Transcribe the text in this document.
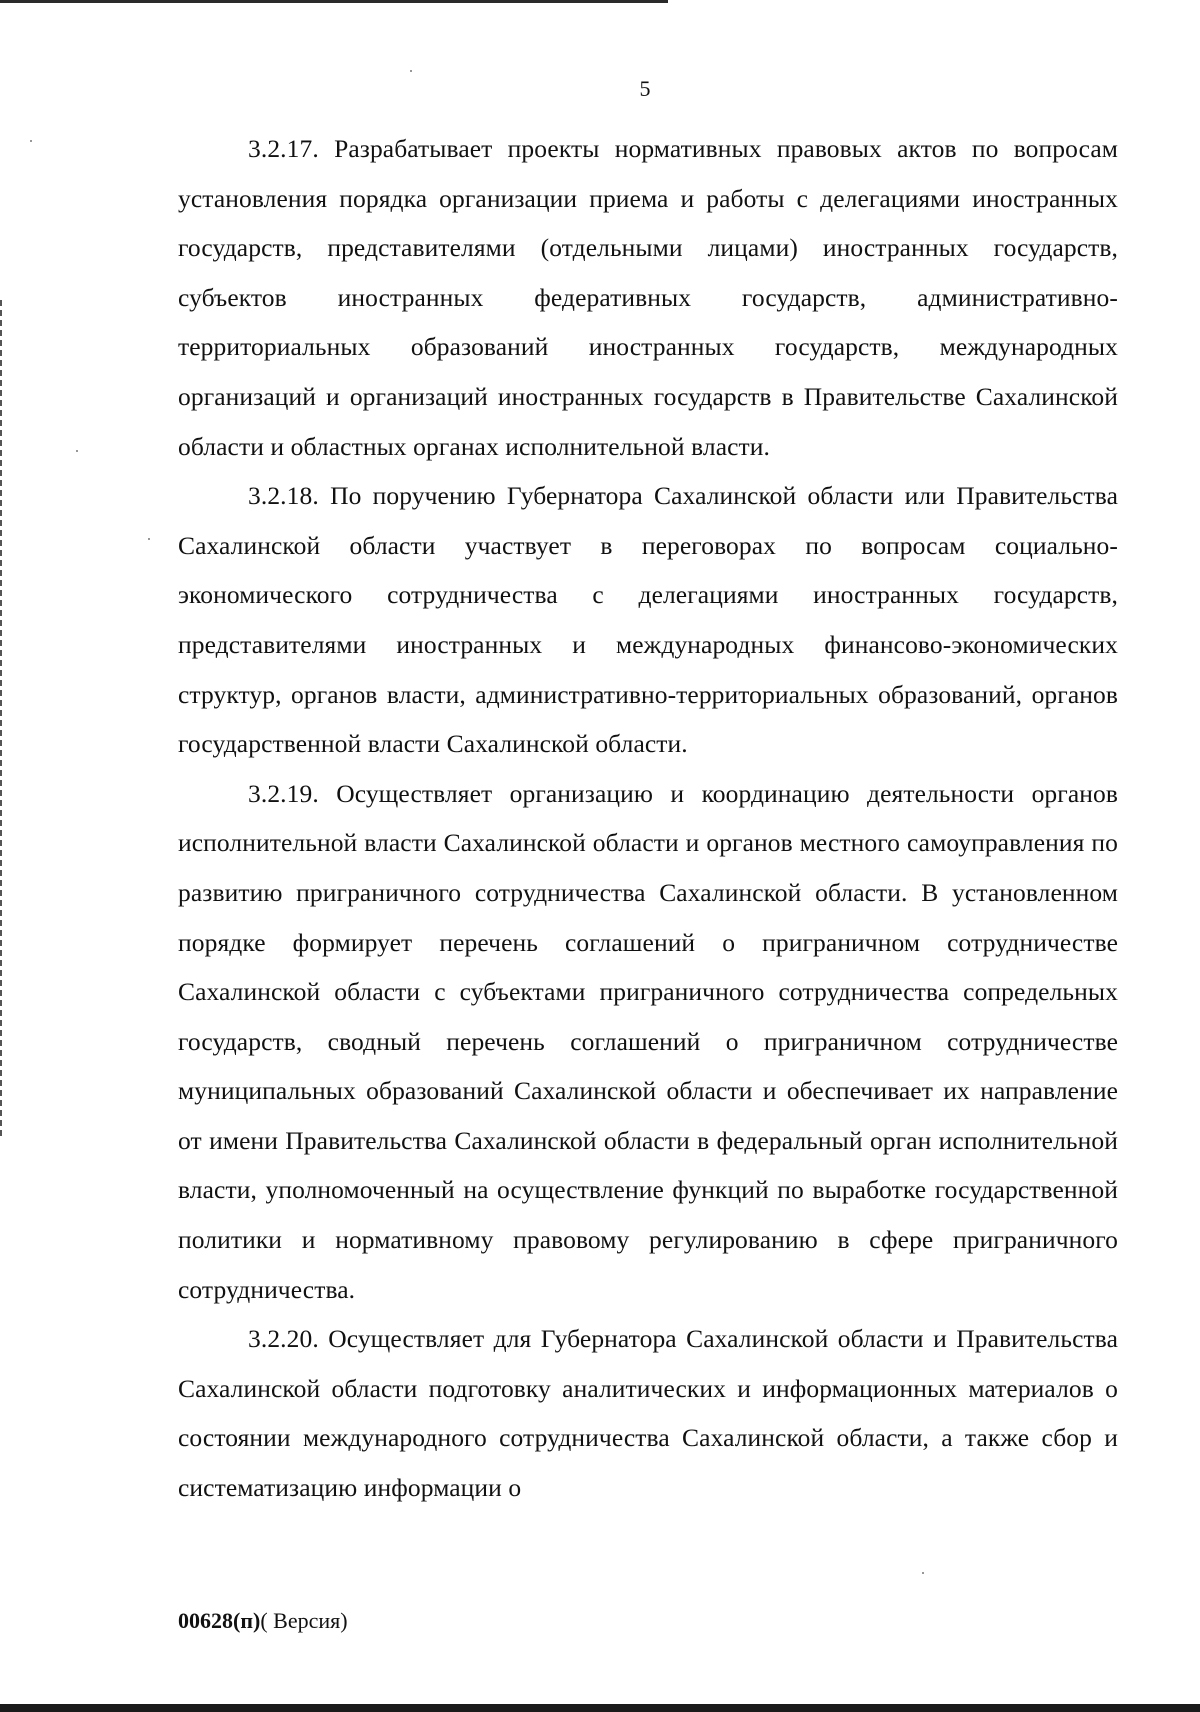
5

3.2.17. Разрабатывает проекты нормативных правовых актов по вопросам установления порядка организации приема и работы с делегациями иностранных государств, представителями (отдельными лицами) иностранных государств, субъектов иностранных федеративных государств, административно-территориальных образований иностранных государств, международных организаций и организаций иностранных государств в Правительстве Сахалинской области и областных органах исполнительной власти.

3.2.18. По поручению Губернатора Сахалинской области или Правительства Сахалинской области участвует в переговорах по вопросам социально-экономического сотрудничества с делегациями иностранных государств, представителями иностранных и международных финансово-экономических структур, органов власти, административно-территориальных образований, органов государственной власти Сахалинской области.

3.2.19. Осуществляет организацию и координацию деятельности органов исполнительной власти Сахалинской области и органов местного самоуправления по развитию приграничного сотрудничества Сахалинской области. В установленном порядке формирует перечень соглашений о приграничном сотрудничестве Сахалинской области с субъектами приграничного сотрудничества сопредельных государств, сводный перечень соглашений о приграничном сотрудничестве муниципальных образований Сахалинской области и обеспечивает их направление от имени Правительства Сахалинской области в федеральный орган исполнительной власти, уполномоченный на осуществление функций по выработке государственной политики и нормативному правовому регулированию в сфере приграничного сотрудничества.

3.2.20. Осуществляет для Губернатора Сахалинской области и Правительства Сахалинской области подготовку аналитических и информационных материалов о состоянии международного сотрудничества Сахалинской области, а также сбор и систематизацию информации о

00628(п)( Версия)
